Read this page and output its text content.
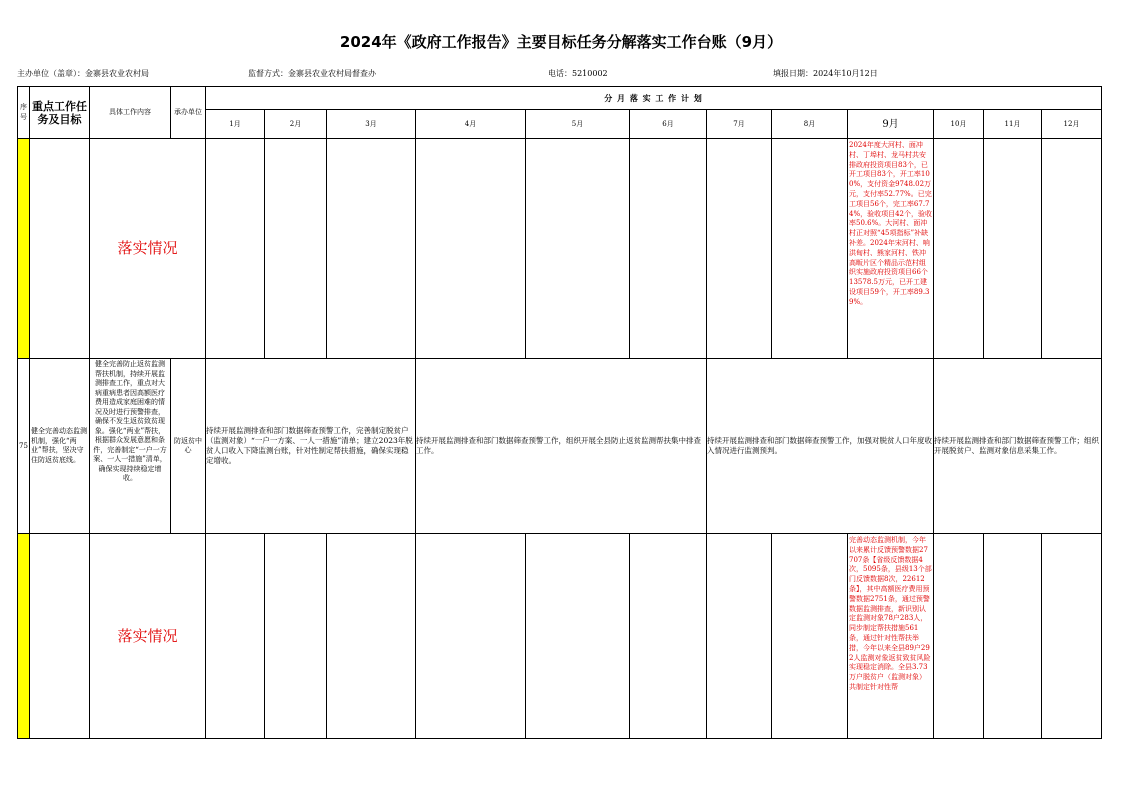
2024年《政府工作报告》主要目标任务分解落实工作台账（9月）
主办单位（盖章）：金寨县农业农村局	监督方式：金寨县农业农村局督查办	电话：5210002	填报日期：2024年10月12日
序号	重点工作任务及目标	具体工作内容	承办单位	分 月 落 实 工 作 计 划											
				1月	2月	3月	4月	5月	6月	7月	8月	9月	10月	11月	12月
		落实情况										2024年度大河村、面冲村、丁埠村、龙马村共安排政府投资项目83个，已开工项目83个，开工率100%，支付资金9748.02万元，支付率52.77%。已完工项目56个，完工率67.74%，验收项目42个，验收率50.6%。大河村、面冲村正对照“45项指标”补缺补差。2024年宋河村、响洪甸村、熊家河村、铁冲高畈片区个精品示范村组织实施政府投资项目66个13578.5万元，已开工建设项目59个，开工率89.39%。			
75	健全完善动态监测机制，强化“两业”帮扶，坚决守住防返贫底线。	健全完善防止返贫监测帮扶机制，持续开展监测排查工作，重点对大病重病患者因高额医疗费用造成家庭困难的情况及时进行预警排查，确保不发生返贫致贫现象。强化“两业”帮扶，根据群众发展意愿和条件，完善制定“一户一方案、一人一措施”清单，确保实现持续稳定增收。	防返贫中心	持续开展监测排查和部门数据筛查预警工作，完善制定脱贫户（监测对象）“一户一方案、一人一措施”清单；建立2023年脱贫人口收入下降监测台账，针对性制定帮扶措施，确保实现稳定增收。			持续开展监测排查和部门数据筛查预警工作，组织开展全县防止返贫监测帮扶集中排查工作。			持续开展监测排查和部门数据筛查预警工作，加强对脱贫人口年度收入情况进行监测预判。			持续开展监测排查和部门数据筛查预警工作；组织开展脱贫户、监测对象信息采集工作。		
		落实情况										完善动态监测机制，今年以来累计反馈预警数据27707条【省级反馈数据4次，5095条，县级13个部门反馈数据8次，22612条】，其中高额医疗费用预警数据2751条，通过预警数据监测排查，新识别认定监测对象78户283人，同步制定帮扶措施561条，通过针对性帮扶举措，今年以来全县89户292人监测对象返贫致贫风险实现稳定消除。全县3.73万户脱贫户（监测对象）共制定针对性帮			
